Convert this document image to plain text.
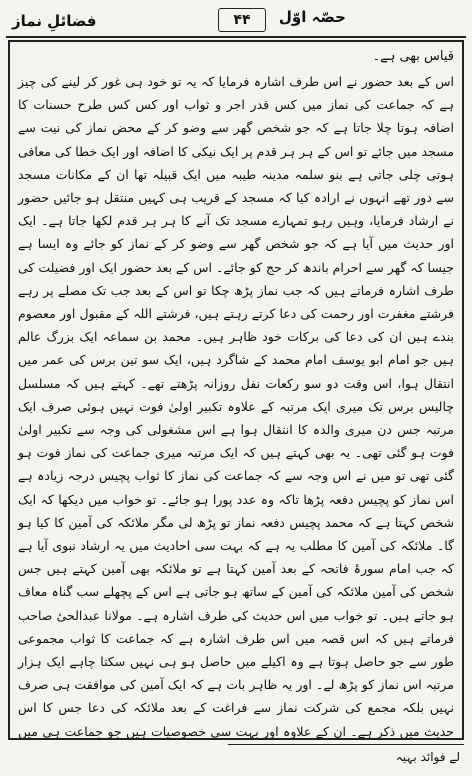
فضائلِ نماز	۴۴	حصّہ اوّل

قیاس بھی ہے۔

اس کے بعد حضور نے اس طرف اشارہ فرمایا کہ یہ تو خود ہی غور کر لینے کی چیز ہے کہ جماعت کی نماز میں کس قدر اجر و ثواب اور کس کس طرح حسنات کا اضافہ ہوتا چلا جاتا ہے کہ جو شخص گھر سے وضو کر کے محض نماز کی نیت سے مسجد میں جائے تو اس کے ہر ہر قدم پر ایک نیکی کا اضافہ اور ایک خطا کی معافی ہوتی چلی جاتی ہے بنو سلمہ مدینہ طیبہ میں ایک قبیلہ تھا ان کے مکانات مسجد سے دور تھے انہوں نے ارادہ کیا کہ مسجد کے قریب ہی کہیں منتقل ہو جائیں حضور نے ارشاد فرمایا، وہیں رہو تمہارے مسجد تک آنے کا ہر ہر قدم لکھا جاتا ہے۔ ایک اور حدیث میں آیا ہے کہ جو شخص گھر سے وضو کر کے نماز کو جائے وہ ایسا ہے جیسا کہ گھر سے احرام باندھ کر حج کو جائے۔ اس کے بعد حضور ایک اور فضیلت کی طرف اشارہ فرماتے ہیں کہ جب نماز پڑھ چکا تو اس کے بعد جب تک مصلے پر رہے فرشتے مغفرت اور رحمت کی دعا کرتے رہتے ہیں، فرشتے اللہ کے مقبول اور معصوم بندے ہیں ان کی دعا کی برکات خود ظاہر ہیں۔ محمد بن سماعہ ایک بزرگ عالم ہیں جو امام ابو یوسف امام محمد کے شاگرد ہیں، ایک سو تین برس کی عمر میں انتقال ہوا، اس وقت دو سو رکعات نفل روزانہ پڑھتے تھے۔ کہتے ہیں کہ مسلسل چالیس برس تک میری ایک مرتبہ کے علاوہ تکبیر اولیٰ فوت نہیں ہوئی صرف ایک مرتبہ جس دن میری والدہ کا انتقال ہوا ہے اس مشغولی کی وجہ سے تکبیر اولیٰ فوت ہو گئی تھی۔ یہ بھی کہتے ہیں کہ ایک مرتبہ میری جماعت کی نماز فوت ہو گئی تھی تو میں نے اس وجہ سے کہ جماعت کی نماز کا ثواب پچیس درجہ زیادہ ہے اس نماز کو پچیس دفعہ پڑھا تاکہ وہ عدد پورا ہو جائے۔ تو خواب میں دیکھا کہ ایک شخص کہتا ہے کہ محمد پچیس دفعہ نماز تو پڑھ لی مگر ملائکہ کی آمین کا کیا ہو گا۔ ملائکہ کی آمین کا مطلب یہ ہے کہ بہت سی احادیث میں یہ ارشاد نبوی آیا ہے کہ جب امام سورۂ فاتحہ کے بعد آمین کہتا ہے تو ملائکہ بھی آمین کہتے ہیں جس شخص کی آمین ملائکہ کی آمین کے ساتھ ہو جاتی ہے اس کے پچھلے سب گناہ معاف ہو جاتے ہیں۔ تو خواب میں اس حدیث کی طرف اشارہ ہے۔ مولانا عبدالحیٔ صاحب فرماتے ہیں کہ اس قصہ میں اس طرف اشارہ ہے کہ جماعت کا ثواب مجموعی طور سے جو حاصل ہوتا ہے وہ اکیلے میں حاصل ہو ہی نہیں سکتا چاہے ایک ہزار مرتبہ اس نماز کو پڑھ لے۔ اور یہ ظاہر بات ہے کہ ایک آمین کی موافقت ہی صرف نہیں بلکہ مجمع کی شرکت نماز سے فراغت کے بعد ملائکہ کی دعا جس کا اس حدیث میں ذکر ہے۔ ان کے علاوہ اور بہت سی خصوصیات ہیں جو جماعت ہی میں

لے فوائد بہیہ
